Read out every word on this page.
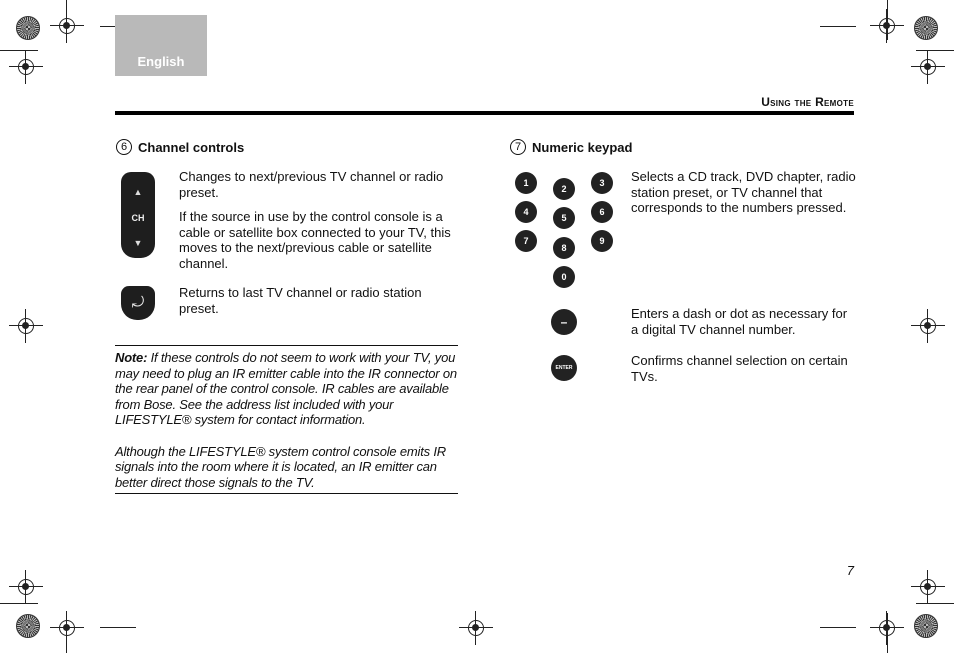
English
Using the Remote
6 Channel controls
▲
CH
▼

Changes to next/previous TV channel or radio preset.

If the source in use by the control console is a cable or satellite box connected to your TV, this moves to the next/previous cable or satellite channel.

⤾
Returns to last TV channel or radio station preset.

Note: If these controls do not seem to work with your TV, you may need to plug an IR emitter cable into the IR connector on the rear panel of the control console. IR cables are available from Bose. See the address list included with your LIFESTYLE® system for contact information.

Although the LIFESTYLE® system control console emits IR signals into the room where it is located, an IR emitter can better direct those signals to the TV.

7 Numeric keypad
1
2
3
4
5
6
7
8
9
0
Selects a CD track, DVD chapter, radio station preset, or TV channel that corresponds to the numbers pressed.
–
Enters a dash or dot as necessary for a digital TV channel number.
ENTER	Confirms channel selection on certain TVs.
7
